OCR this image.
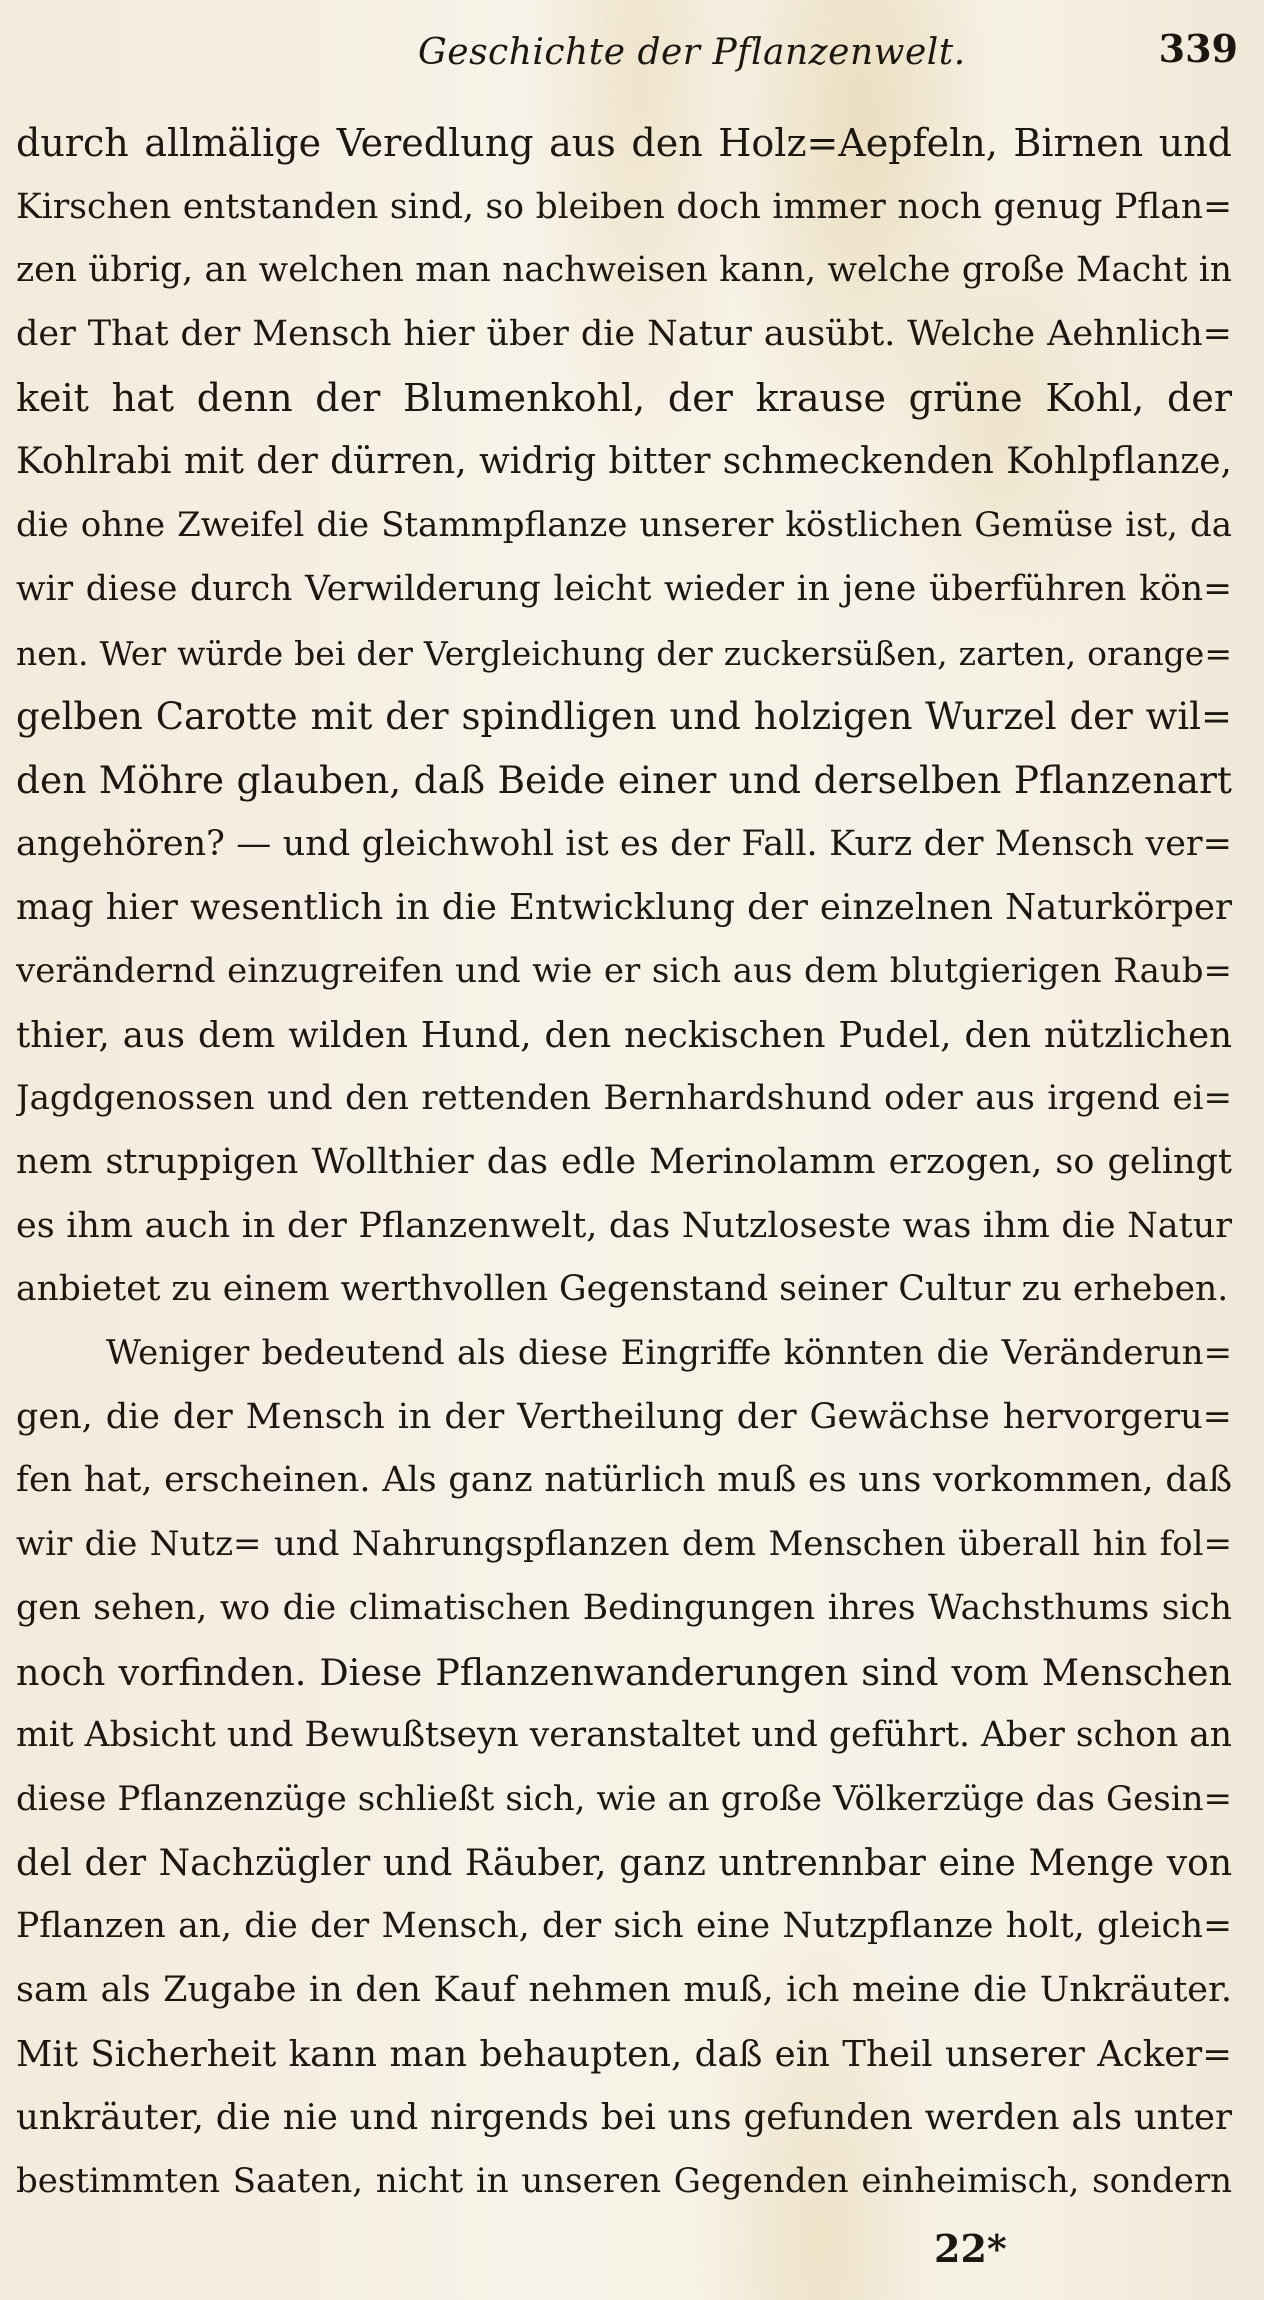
Geschichte der Pflanzenwelt.	339
durch allmälige Veredlung aus den Holz=Aepfeln, Birnen und
Kirschen entstanden sind, so bleiben doch immer noch genug Pflan=
zen übrig, an welchen man nachweisen kann, welche große Macht in
der That der Mensch hier über die Natur ausübt. Welche Aehnlich=
keit hat denn der Blumenkohl, der krause grüne Kohl, der
Kohlrabi mit der dürren, widrig bitter schmeckenden Kohlpflanze,
die ohne Zweifel die Stammpflanze unserer köstlichen Gemüse ist, da
wir diese durch Verwilderung leicht wieder in jene überführen kön=
nen. Wer würde bei der Vergleichung der zuckersüßen, zarten, orange=
gelben Carotte mit der spindligen und holzigen Wurzel der wil=
den Möhre glauben, daß Beide einer und derselben Pflanzenart
angehören? — und gleichwohl ist es der Fall. Kurz der Mensch ver=
mag hier wesentlich in die Entwicklung der einzelnen Naturkörper
verändernd einzugreifen und wie er sich aus dem blutgierigen Raub=
thier, aus dem wilden Hund, den neckischen Pudel, den nützlichen
Jagdgenossen und den rettenden Bernhardshund oder aus irgend ei=
nem struppigen Wollthier das edle Merinolamm erzogen, so gelingt
es ihm auch in der Pflanzenwelt, das Nutzloseste was ihm die Natur
anbietet zu einem werthvollen Gegenstand seiner Cultur zu erheben.
Weniger bedeutend als diese Eingriffe könnten die Veränderun=
gen, die der Mensch in der Vertheilung der Gewächse hervorgeru=
fen hat, erscheinen. Als ganz natürlich muß es uns vorkommen, daß
wir die Nutz= und Nahrungspflanzen dem Menschen überall hin fol=
gen sehen, wo die climatischen Bedingungen ihres Wachsthums sich
noch vorfinden. Diese Pflanzenwanderungen sind vom Menschen
mit Absicht und Bewußtseyn veranstaltet und geführt. Aber schon an
diese Pflanzenzüge schließt sich, wie an große Völkerzüge das Gesin=
del der Nachzügler und Räuber, ganz untrennbar eine Menge von
Pflanzen an, die der Mensch, der sich eine Nutzpflanze holt, gleich=
sam als Zugabe in den Kauf nehmen muß, ich meine die Unkräuter.
Mit Sicherheit kann man behaupten, daß ein Theil unserer Acker=
unkräuter, die nie und nirgends bei uns gefunden werden als unter
bestimmten Saaten, nicht in unseren Gegenden einheimisch, sondern
22*
